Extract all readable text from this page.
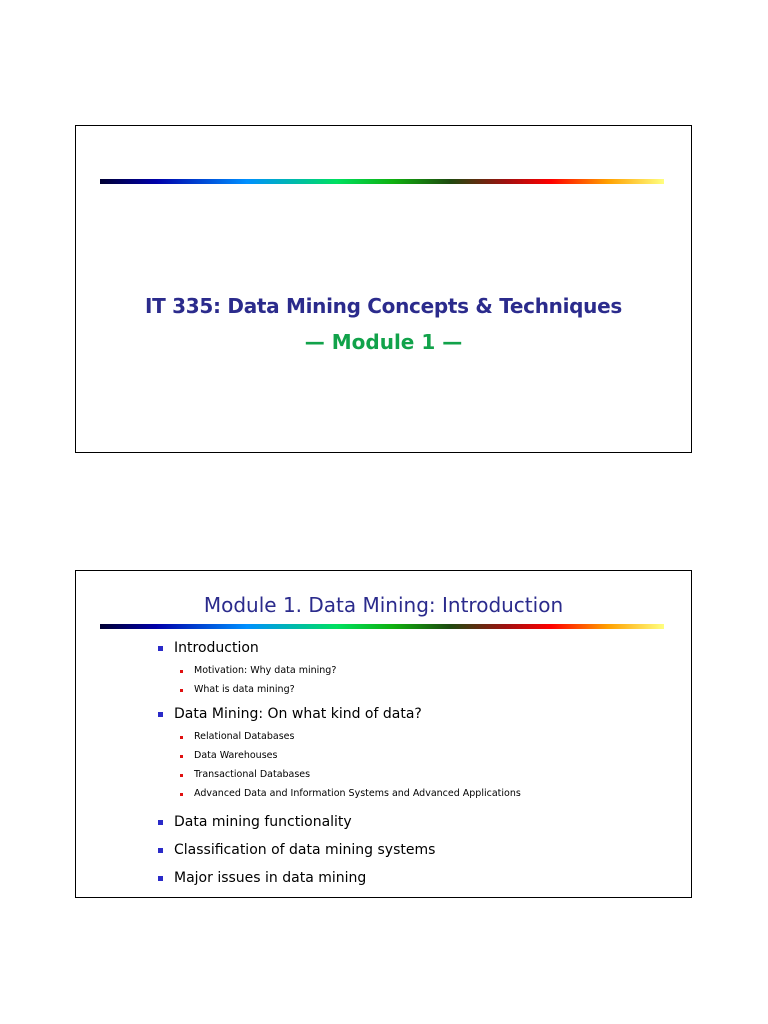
IT 335: Data Mining Concepts & Techniques
— Module 1 —
Module 1. Data Mining: Introduction
Introduction
Motivation: Why data mining?
What is data mining?
Data Mining: On what kind of data?
Relational Databases
Data Warehouses
Transactional Databases
Advanced Data and Information Systems and Advanced Applications
Data mining functionality
Classification of data mining systems
Major issues in data mining
